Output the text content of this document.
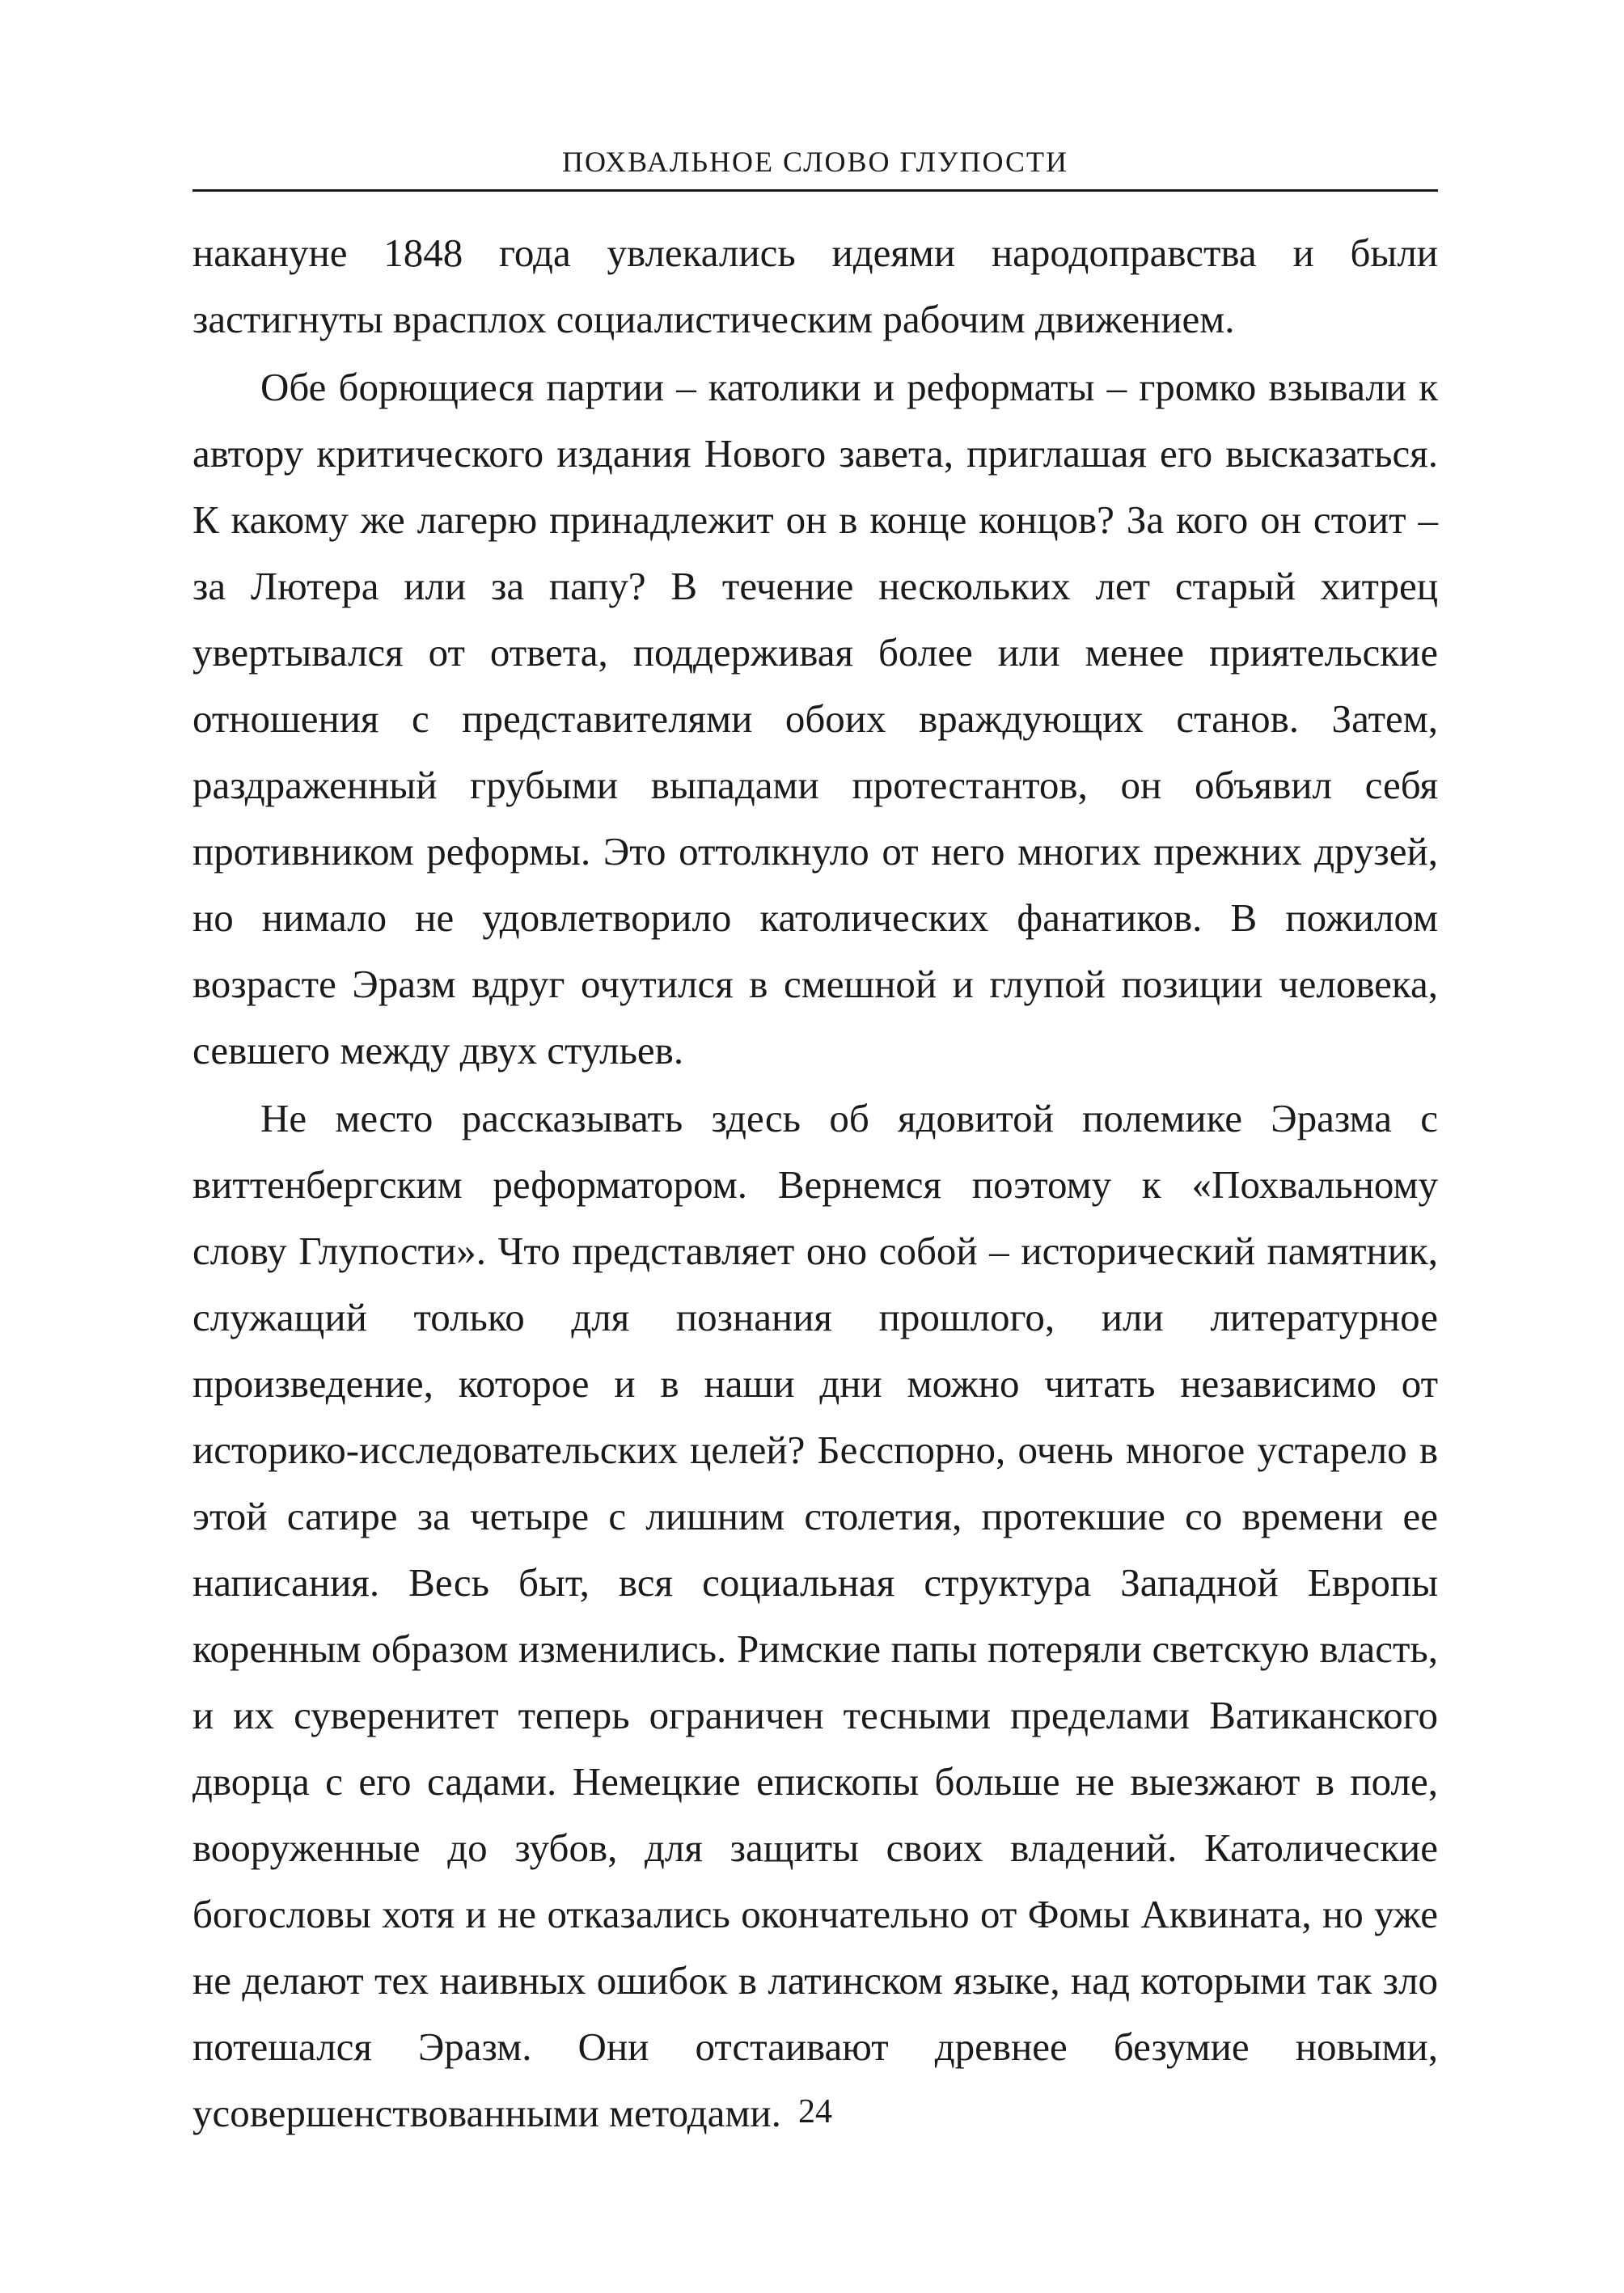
ПОХВАЛЬНОЕ СЛОВО ГЛУПОСТИ

накануне 1848 года увлекались идеями народоправства и были застигнуты врасплох социалистическим рабочим движением.

Обе борющиеся партии – католики и реформаты – громко взывали к автору критического издания Нового завета, приглашая его высказаться. К какому же лагерю принадлежит он в конце концов? За кого он стоит – за Лютера или за папу? В течение нескольких лет старый хитрец увертывался от ответа, поддерживая более или менее приятельские отношения с представителями обоих враждующих станов. Затем, раздраженный грубыми выпадами протестантов, он объявил себя противником реформы. Это оттолкнуло от него многих прежних друзей, но нимало не удовлетворило католических фанатиков. В пожилом возрасте Эразм вдруг очутился в смешной и глупой позиции человека, севшего между двух стульев.

Не место рассказывать здесь об ядовитой полемике Эразма с виттенбергским реформатором. Вернемся поэтому к «Похвальному слову Глупости». Что представляет оно собой – исторический памятник, служащий только для познания прошлого, или литературное произведение, которое и в наши дни можно читать независимо от историко-исследовательских целей? Бесспорно, очень многое устарело в этой сатире за четыре с лишним столетия, протекшие со времени ее написания. Весь быт, вся социальная структура Западной Европы коренным образом изменились. Римские папы потеряли светскую власть, и их суверенитет теперь ограничен тесными пределами Ватиканского дворца с его садами. Немецкие епископы больше не выезжают в поле, вооруженные до зубов, для защиты своих владений. Католические богословы хотя и не отказались окончательно от Фомы Аквината, но уже не делают тех наивных ошибок в латинском языке, над которыми так зло потешался Эразм. Они отстаивают древнее безумие новыми, усовершенствованными методами. 24
